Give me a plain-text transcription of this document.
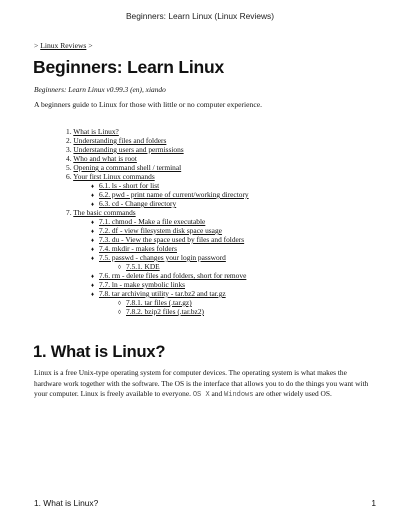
Beginners: Learn Linux (Linux Reviews)
> Linux Reviews >
Beginners: Learn Linux
Beginners: Learn Linux v0.99.3 (en), xiando
A beginners guide to Linux for those with little or no computer experience.
1. What is Linux?
2. Understanding files and folders
3. Understanding users and permissions
4. Who and what is root
5. Opening a command shell / terminal
6. Your first Linux commands
♦ 6.1. ls - short for list
♦ 6.2. pwd - print name of current/working directory
♦ 6.3. cd - Change directory
7. The basic commands
♦ 7.1. chmod - Make a file executable
♦ 7.2. df - view filesystem disk space usage
♦ 7.3. du - View the space used by files and folders
♦ 7.4. mkdir - makes folders
♦ 7.5. passwd - changes your login password
◊ 7.5.1. KDE
♦ 7.6. rm - delete files and folders, short for remove
♦ 7.7. ln - make symbolic links
♦ 7.8. tar archiving utility - tar.bz2 and tar.gz
◊ 7.8.1. tar files (.tar.gz)
◊ 7.8.2. bzip2 files (.tar.bz2)
1. What is Linux?

Linux is a free Unix-type operating system for computer devices. The operating system is what makes the hardware work together with the software. The OS is the interface that allows you to do the things you want with your computer. Linux is freely available to everyone. OS X and Windows are other widely used OS.

1. What is Linux?	1
